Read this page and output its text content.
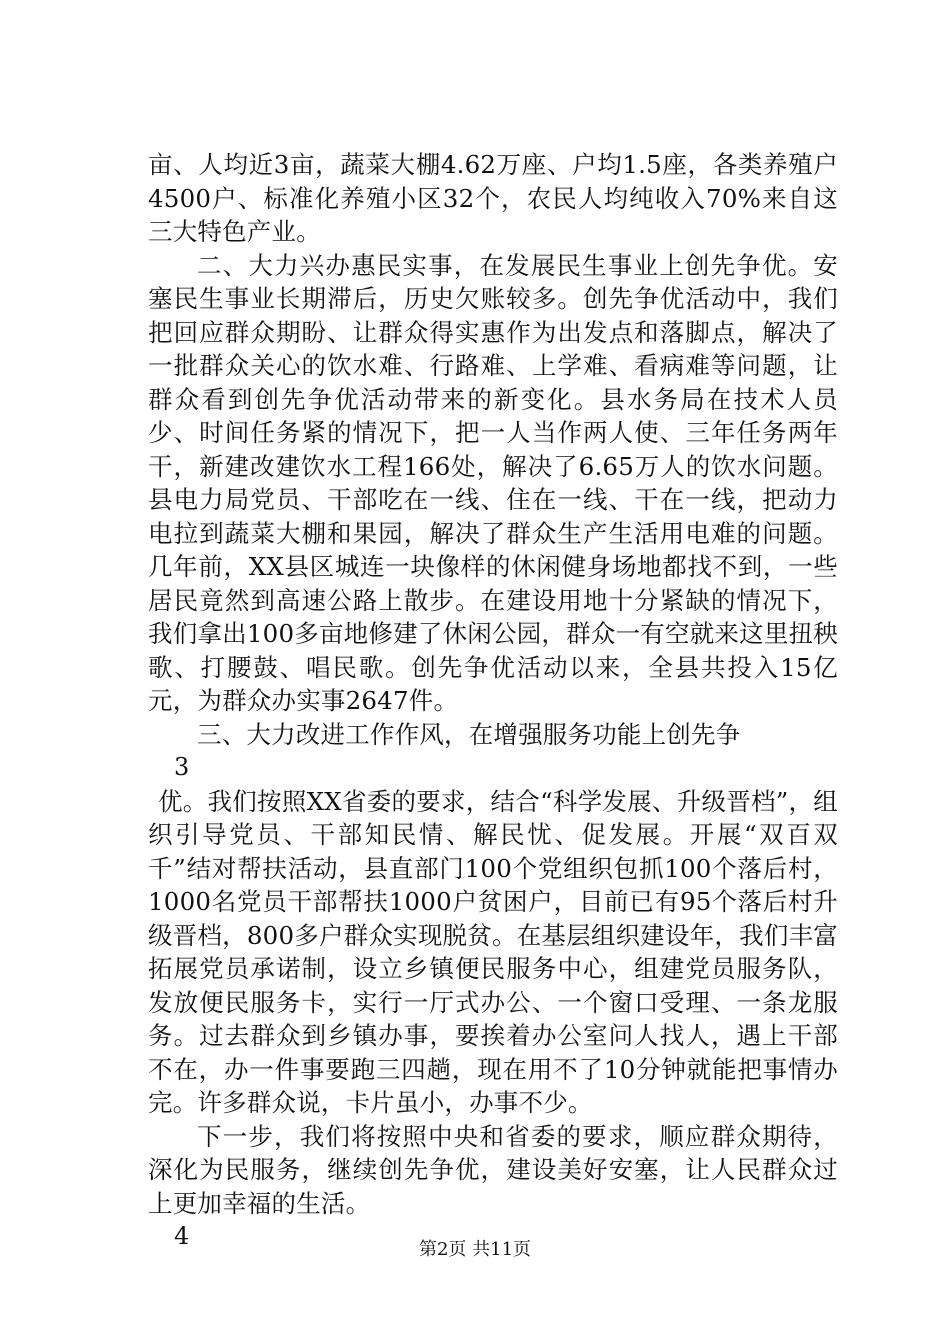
亩、人均近3亩，蔬菜大棚4.62万座、户均1.5座，各类养殖户4500户、标准化养殖小区32个，农民人均纯收入70%来自这三大特色产业。

二、大力兴办惠民实事，在发展民生事业上创先争优。安塞民生事业长期滞后，历史欠账较多。创先争优活动中，我们把回应群众期盼、让群众得实惠作为出发点和落脚点，解决了一批群众关心的饮水难、行路难、上学难、看病难等问题，让群众看到创先争优活动带来的新变化。县水务局在技术人员少、时间任务紧的情况下，把一人当作两人使、三年任务两年干，新建改建饮水工程166处，解决了6.65万人的饮水问题。县电力局党员、干部吃在一线、住在一线、干在一线，把动力电拉到蔬菜大棚和果园，解决了群众生产生活用电难的问题。几年前，XX县区城连一块像样的休闲健身场地都找不到，一些居民竟然到高速公路上散步。在建设用地十分紧缺的情况下，我们拿出100多亩地修建了休闲公园，群众一有空就来这里扭秧歌、打腰鼓、唱民歌。创先争优活动以来，全县共投入15亿元，为群众办实事2647件。

三、大力改进工作作风，在增强服务功能上创先争

3

优。我们按照XX省委的要求，结合“科学发展、升级晋档”，组织引导党员、干部知民情、解民忧、促发展。开展“双百双千”结对帮扶活动，县直部门100个党组织包抓100个落后村，1000名党员干部帮扶1000户贫困户，目前已有95个落后村升级晋档，800多户群众实现脱贫。在基层组织建设年，我们丰富拓展党员承诺制，设立乡镇便民服务中心，组建党员服务队，发放便民服务卡，实行一厅式办公、一个窗口受理、一条龙服务。过去群众到乡镇办事，要挨着办公室问人找人，遇上干部不在，办一件事要跑三四趟，现在用不了10分钟就能把事情办完。许多群众说，卡片虽小，办事不少。

下一步，我们将按照中央和省委的要求，顺应群众期待，深化为民服务，继续创先争优，建设美好安塞，让人民群众过上更加幸福的生活。

4	第2页 共11页
